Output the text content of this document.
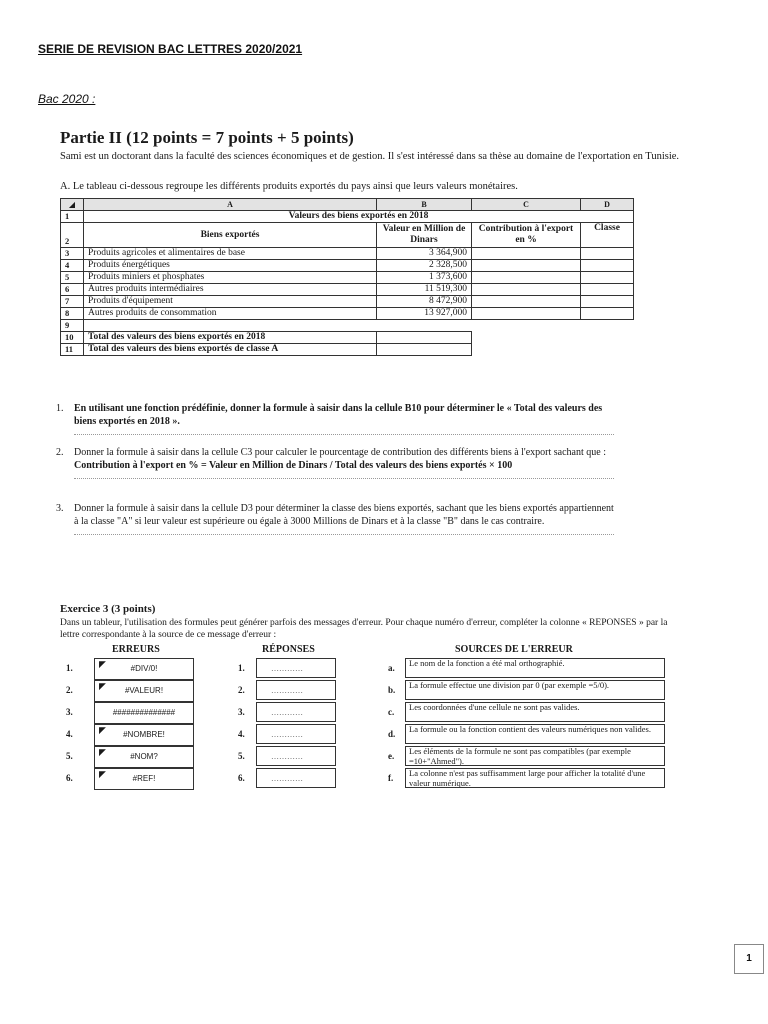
SERIE DE REVISION BAC LETTRES 2020/2021
Bac 2020 :
Partie II (12 points = 7 points + 5 points)
Sami est un doctorant dans la faculté des sciences économiques et de gestion. Il s'est intéressé dans sa thèse au domaine de l'exportation en Tunisie.
A. Le tableau ci-dessous regroupe les différents produits exportés du pays ainsi que leurs valeurs monétaires.
◢	A	B	C	D
1	Valeurs des biens exportés en 2018			
2	Biens exportés	Valeur en Million de Dinars	Contribution à l'export en %	Classe
3	Produits agricoles et alimentaires de base	3 364,900		
4	Produits énergétiques	2 328,500		
5	Produits miniers et phosphates	1 373,600		
6	Autres produits intermédiaires	11 519,300		
7	Produits d'équipement	8 472,900		
8	Autres produits de consommation	13 927,000		
9				
10	Total des valeurs des biens exportés en 2018			
11	Total des valeurs des biens exportés de classe A			
1. En utilisant une fonction prédéfinie, donner la formule à saisir dans la cellule B10 pour déterminer le « Total des valeurs des biens exportés en 2018 ».
2. Donner la formule à saisir dans la cellule C3 pour calculer le pourcentage de contribution des différents biens à l'export sachant que :
Contribution à l'export en % = Valeur en Million de Dinars / Total des valeurs des biens exportés × 100
3. Donner la formule à saisir dans la cellule D3 pour déterminer la classe des biens exportés, sachant que les biens exportés appartiennent à la classe "A" si leur valeur est supérieure ou égale à 3000 Millions de Dinars et à la classe "B" dans le cas contraire.
Exercice 3 (3 points)
Dans un tableur, l'utilisation des formules peut générer parfois des messages d'erreur. Pour chaque numéro d'erreur, compléter la colonne « REPONSES » par la lettre correspondante à la source de ce message d'erreur :
ERREURS	RÉPONSES	SOURCES DE L'ERREUR
1.	◤	#DIV/0!	1.	…………	a.	Le nom de la fonction a été mal orthographié.
2.	◤ #VALEUR!	2.	…………	b.	La formule effectue une division par 0 (par exemple =5/0).
3.	##############	3.	…………	c.	Les coordonnées d'une cellule ne sont pas valides.
4.	◤ #NOMBRE!	4.	…………	d.	La formule ou la fonction contient des valeurs numériques non valides.
5.	◤	#NOM?	5.	…………	e.	Les éléments de la formule ne sont pas compatibles (par exemple =10+"Ahmed").
6.	◤	#REF!	6.	…………	f.	La colonne n'est pas suffisamment large pour afficher la totalité d'une valeur numérique.
1
